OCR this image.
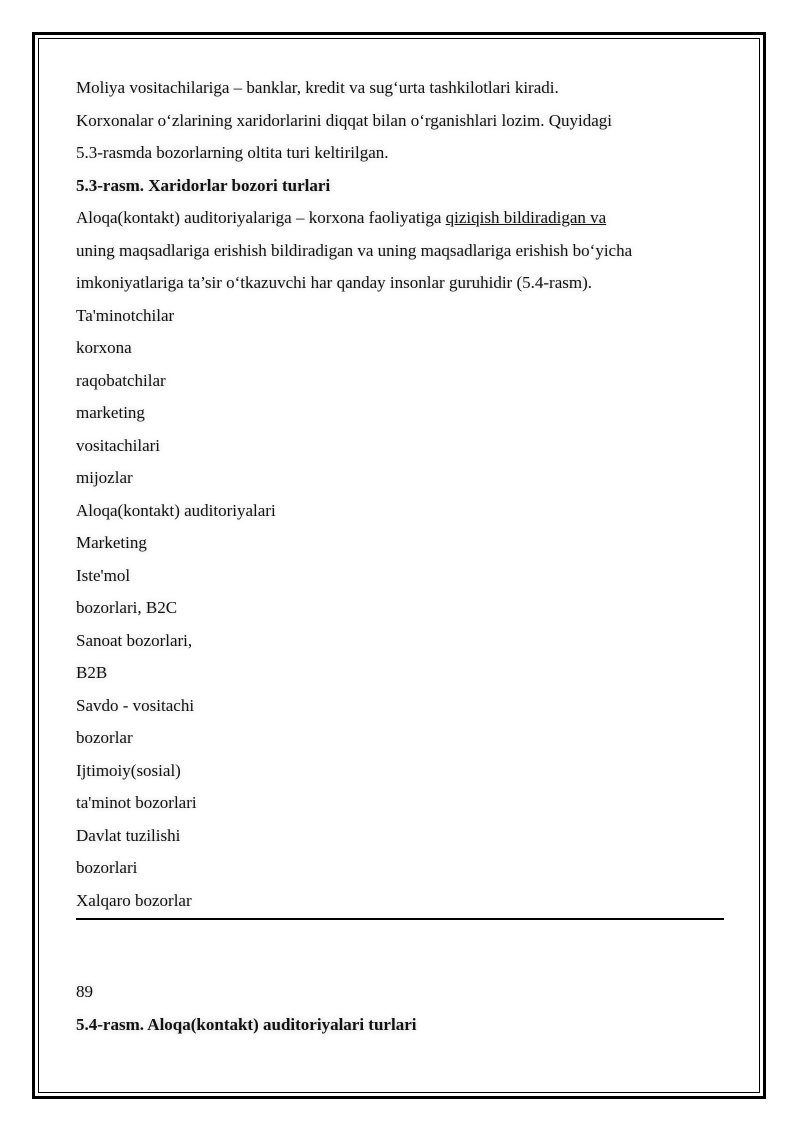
Moliya vositachilariga – banklar, kredit va sug‘urta tashkilotlari kiradi.
Korxonalar o‘zlarining xaridorlarini diqqat bilan o‘rganishlari lozim. Quyidagi
5.3-rasmda bozorlarning oltita turi keltirilgan.
5.3-rasm. Xaridorlar bozori turlari
Aloqa(kontakt) auditoriyalariga – korxona faoliyatiga qiziqish bildiradigan va
uning maqsadlariga erishish bildiradigan va uning maqsadlariga erishish bo‘yicha
imkoniyatlariga ta’sir o‘tkazuvchi har qanday insonlar guruhidir (5.4-rasm).
Ta'minotchilar
korxona
raqobatchilar
marketing
vositachilari
mijozlar
Aloqa(kontakt) auditoriyalari
Marketing
Iste'mol
bozorlari, B2C
Sanoat bozorlari,
B2B
Savdo - vositachi
bozorlar
Ijtimoiy(sosial)
ta'minot bozorlari
Davlat tuzilishi
bozorlari
Xalqaro bozorlar
89
5.4-rasm. Aloqa(kontakt) auditoriyalari turlari
